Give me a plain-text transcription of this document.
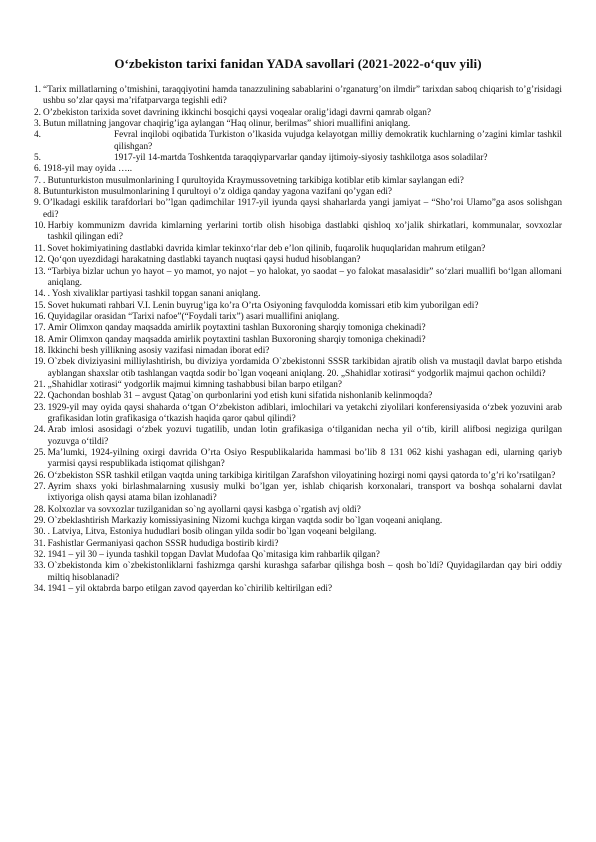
O‘zbekiston tarixi fanidan YADA savollari (2021-2022-o‘quv yili)
1. “Tarix millatlarning o’tmishini, taraqqiyotini hamda tanazzulining sabablarini o’rganaturg’on ilmdir” tarixdan saboq chiqarish to’g’risidagi ushbu so’zlar qaysi ma’rifatparvarga tegishli edi?
2. O’zbekiston tarixida sovet davrining ikkinchi bosqichi qaysi voqealar oralig’idagi davrni qamrab olgan?
3. Butun millatning jangovar chaqirig’iga aylangan “Haq olinur, berilmas” shiori muallifini aniqlang.
4.	Fevral inqilobi oqibatida Turkiston o’lkasida vujudga kelayotgan milliy demokratik kuchlarning o’zagini kimlar tashkil qilishgan?
5.	1917-yil 14-martda Toshkentda taraqqiyparvarlar qanday ijtimoiy-siyosiy tashkilotga asos soladilar?
6. 1918-yil may oyida …..
7. . Butunturkiston musulmonlarining I qurultoyida Kraymussovetning tarkibiga kotiblar etib kimlar saylangan edi?
8. Butunturkiston musulmonlarining I qurultoyi o’z oldiga qanday yagona vazifani qo’ygan edi?
9. O’lkadagi eskilik tarafdorlari bo’’lgan qadimchilar 1917-yil iyunda qaysi shaharlarda yangi jamiyat – “Sho’roi Ulamo”ga asos solishgan edi?
10. Harbiy kommunizm davrida kimlarning yerlarini tortib olish hisobiga dastlabki qishloq xo’jalik shirkatlari, kommunalar, sovxozlar tashkil qilingan edi?
11. Sovet hokimiyatining dastlabki davrida kimlar tekinxo‘rlar deb e’lon qilinib, fuqarolik huquqlaridan mahrum etilgan?
12. Qo‘qon uyezdidagi harakatning dastlabki tayanch nuqtasi qaysi hudud hisoblangan?
13. “Tarbiya bizlar uchun yo hayot – yo mamot, yo najot – yo halokat, yo saodat – yo falokat masalasidir” so‘zlari muallifi bo‘lgan allomani aniqlang.
14. . Yosh xivaliklar partiyasi tashkil topgan sanani aniqlang.
15. Sovet hukumati rahbari V.I. Lenin buyrug’iga ko’ra O’rta Osiyoning favqulodda komissari etib kim yuborilgan edi?
16. Quyidagilar orasidan “Tarixi nafoe”(“Foydali tarix”) asari muallifini aniqlang.
17. Amir Olimxon qanday maqsadda amirlik poytaxtini tashlan Buxoroning sharqiy tomoniga chekinadi?
18. Amir Olimxon qanday maqsadda amirlik poytaxtini tashlan Buxoroning sharqiy tomoniga chekinadi?
18. Ikkinchi besh yillikning asosiy vazifasi nimadan iborat edi?
19. O`zbek diviziyasini milliylashtirish, bu diviziya yordamida O`zbekistonni SSSR tarkibidan ajratib olish va mustaqil davlat barpo etishda ayblangan shaxslar otib tashlangan vaqtda sodir bo`lgan voqeani aniqlang. 20. „Shahidlar xotirasi“ yodgorlik majmui qachon ochildi?
21. „Shahidlar xotirasi“ yodgorlik majmui kimning tashabbusi bilan barpo etilgan?
22. Qachondan boshlab 31 – avgust Qatag`on qurbonlarini yod etish kuni sifatida nishonlanib kelinmoqda?
23. 1929-yil may oyida qaysi shaharda o‘tgan O‘zbekiston adiblari, imlochilari va yetakchi ziyolilari konferensiyasida o‘zbek yozuvini arab grafikasidan lotin grafikasiga o‘tkazish haqida qaror qabul qilindi?
24. Arab imlosi asosidagi o‘zbek yozuvi tugatilib, undan lotin grafikasiga o‘tilganidan necha yil o‘tib, kirill alifbosi negiziga qurilgan yozuvga o‘tildi?
25. Ma’lumki, 1924-yilning oxirgi davrida O’rta Osiyo Respublikalarida hammasi bo’lib 8 131 062 kishi yashagan edi, ularning qariyb yarmisi qaysi respublikada istiqomat qilishgan?
26. O‘zbekiston SSR tashkil etilgan vaqtda uning tarkibiga kiritilgan Zarafshon viloyatining hozirgi nomi qaysi qatorda to’g’ri ko’rsatilgan?
27. Ayrim shaxs yoki birlashmalarning xususiy mulki bo’lgan yer, ishlab chiqarish korxonalari, transport va boshqa sohalarni davlat ixtiyoriga olish qaysi atama bilan izohlanadi?
28. Kolxozlar va sovxozlar tuzilganidan so`ng ayollarni qaysi kasbga o`rgatish avj oldi?
29. O`zbeklashtirish Markaziy komissiyasining Nizomi kuchga kirgan vaqtda sodir bo`lgan voqeani aniqlang.
30. . Latviya, Litva, Estoniya hududlari bosib olingan yilda sodir bo`lgan voqeani belgilang.
31. Fashistlar Germaniyasi qachon SSSR hududiga bostirib kirdi?
32. 1941 – yil 30 – iyunda tashkil topgan Davlat Mudofaa Qo`mitasiga kim rahbarlik qilgan?
33. O`zbekistonda kim o`zbekistonliklarni fashizmga qarshi kurashga safarbar qilishga bosh – qosh bo`ldi? Quyidagilardan qay biri oddiy miltiq hisoblanadi?
34. 1941 – yil oktabrda barpo etilgan zavod qayerdan ko`chirilib keltirilgan edi?
